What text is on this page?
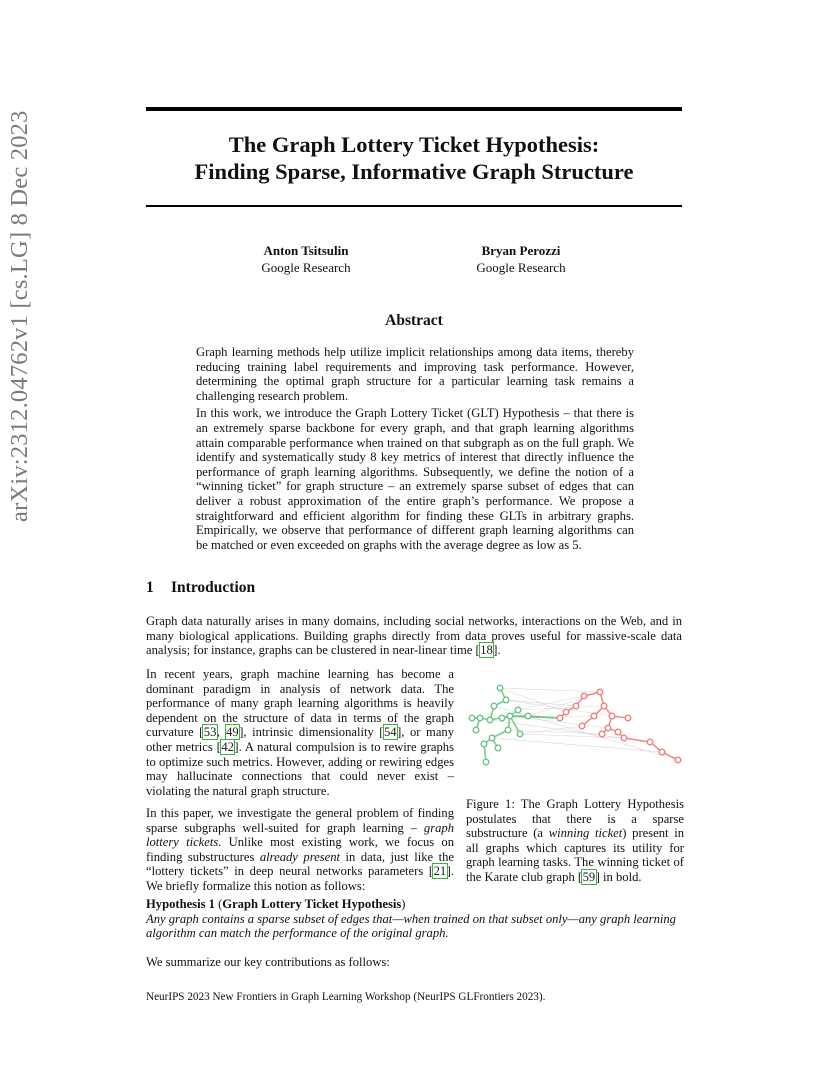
arXiv:2312.04762v1 [cs.LG] 8 Dec 2023	The Graph Lottery Ticket Hypothesis:
Finding Sparse, Informative Graph Structure
Anton Tsitsulin
Google Research
Bryan Perozzi
Google Research
Abstract

Graph learning methods help utilize implicit relationships among data items, thereby reducing training label requirements and improving task performance. However, determining the optimal graph structure for a particular learning task remains a challenging research problem.

In this work, we introduce the Graph Lottery Ticket (GLT) Hypothesis – that there is an extremely sparse backbone for every graph, and that graph learning algorithms attain comparable performance when trained on that subgraph as on the full graph. We identify and systematically study 8 key metrics of interest that directly influence the performance of graph learning algorithms. Subsequently, we define the notion of a “winning ticket” for graph structure – an extremely sparse subset of edges that can deliver a robust approximation of the entire graph’s performance. We propose a straightforward and efficient algorithm for finding these GLTs in arbitrary graphs. Empirically, we observe that performance of different graph learning algorithms can be matched or even exceeded on graphs with the average degree as low as 5.

1 Introduction

Graph data naturally arises in many domains, including social networks, interactions on the Web, and in many biological applications. Building graphs directly from data proves useful for massive-scale data analysis; for instance, graphs can be clustered in near-linear time [18].

In recent years, graph machine learning has become a dominant paradigm in analysis of network data. The performance of many graph learning algorithms is heavily dependent on the structure of data in terms of the graph curvature [53, 49], intrinsic dimensionality [54], or many other metrics [42]. A natural compulsion is to rewire graphs to optimize such metrics. However, adding or rewiring edges may hallucinate connections that could never exist – violating the natural graph structure.

In this paper, we investigate the general problem of finding sparse subgraphs well-suited for graph learning – graph lottery tickets. Unlike most existing work, we focus on finding substructures already present in data, just like the “lottery tickets” in deep neural networks parameters [21]. We briefly formalize this notion as follows:

Figure 1: The Graph Lottery Hypothesis postulates that there is a sparse substructure (a winning ticket) present in all graphs which captures its utility for graph learning tasks. The winning ticket of the Karate club graph [59] in bold.

Hypothesis 1 (Graph Lottery Ticket Hypothesis)
Any graph contains a sparse subset of edges that—when trained on that subset only—any graph learning algorithm can match the performance of the original graph.
We summarize our key contributions as follows:
NeurIPS 2023 New Frontiers in Graph Learning Workshop (NeurIPS GLFrontiers 2023).
